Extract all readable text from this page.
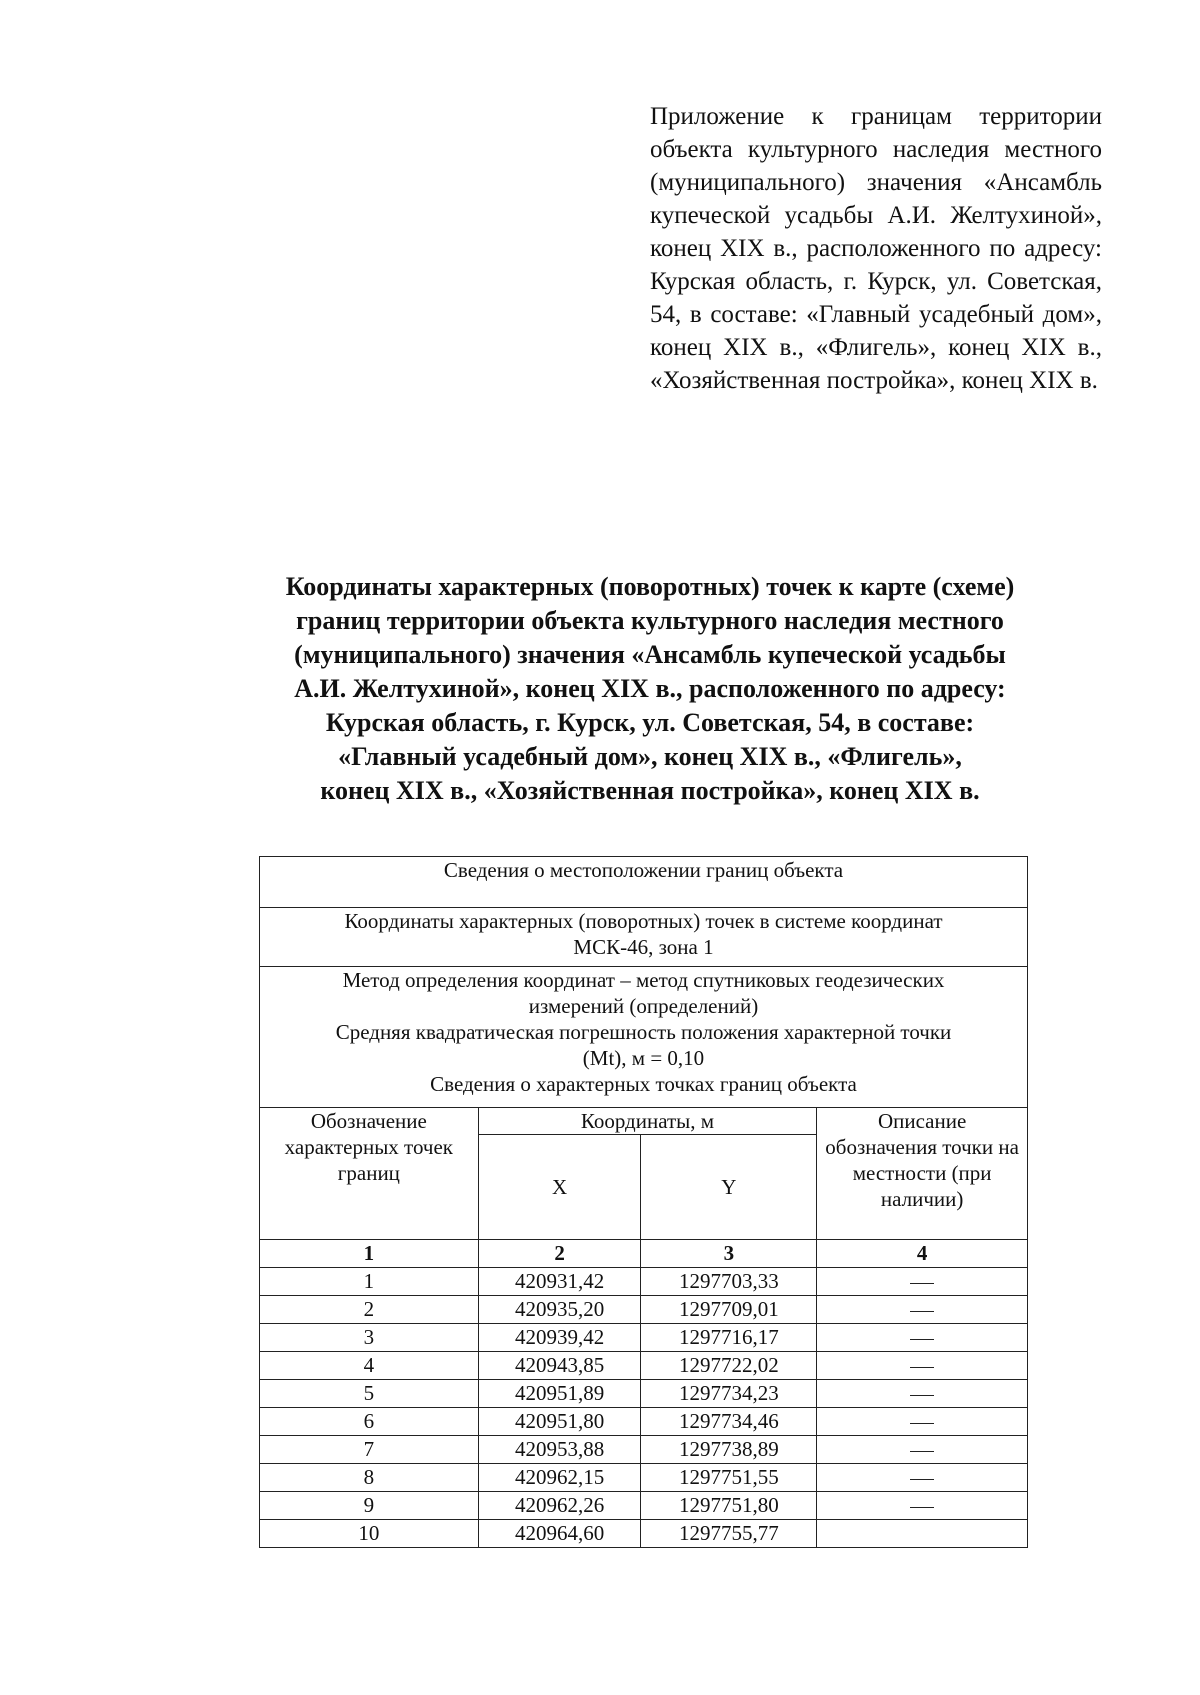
Приложение к границам территории объекта культурного наследия местного (муниципального) значения «Ансамбль купеческой усадьбы А.И. Желтухиной», конец XIX в., расположенного по адресу: Курская область, г. Курск, ул. Советская, 54, в составе: «Главный усадебный дом», конец XIX в., «Флигель», конец XIX в., «Хозяйственная постройка», конец XIX в.
Координаты характерных (поворотных) точек к карте (схеме)
границ территории объекта культурного наследия местного
(муниципального) значения «Ансамбль купеческой усадьбы
А.И. Желтухиной», конец XIX в., расположенного по адресу:
Курская область, г. Курск, ул. Советская, 54, в составе:
«Главный усадебный дом», конец XIX в., «Флигель»,
конец XIX в., «Хозяйственная постройка», конец XIX в.
Сведения о местоположении границ объекта			

Координаты характерных (поворотных) точек в системе координат
МСК-46, зона 1			

Метод определения координат – метод спутниковых геодезических
измерений (определений)
Средняя квадратическая погрешность положения характерной точки
(Mt), м = 0,10
Сведения о характерных точках границ объекта			

Обозначение характерных точек границ	Координаты, м		Описание обозначения точки на местности (при наличии)
	X	Y	
1	2	3	4
1	420931,42	1297703,33	
2	420935,20	1297709,01	
3	420939,42	1297716,17	
4	420943,85	1297722,02	
5	420951,89	1297734,23	
6	420951,80	1297734,46	
7	420953,88	1297738,89	
8	420962,15	1297751,55	
9	420962,26	1297751,80	
10	420964,60	1297755,77	
